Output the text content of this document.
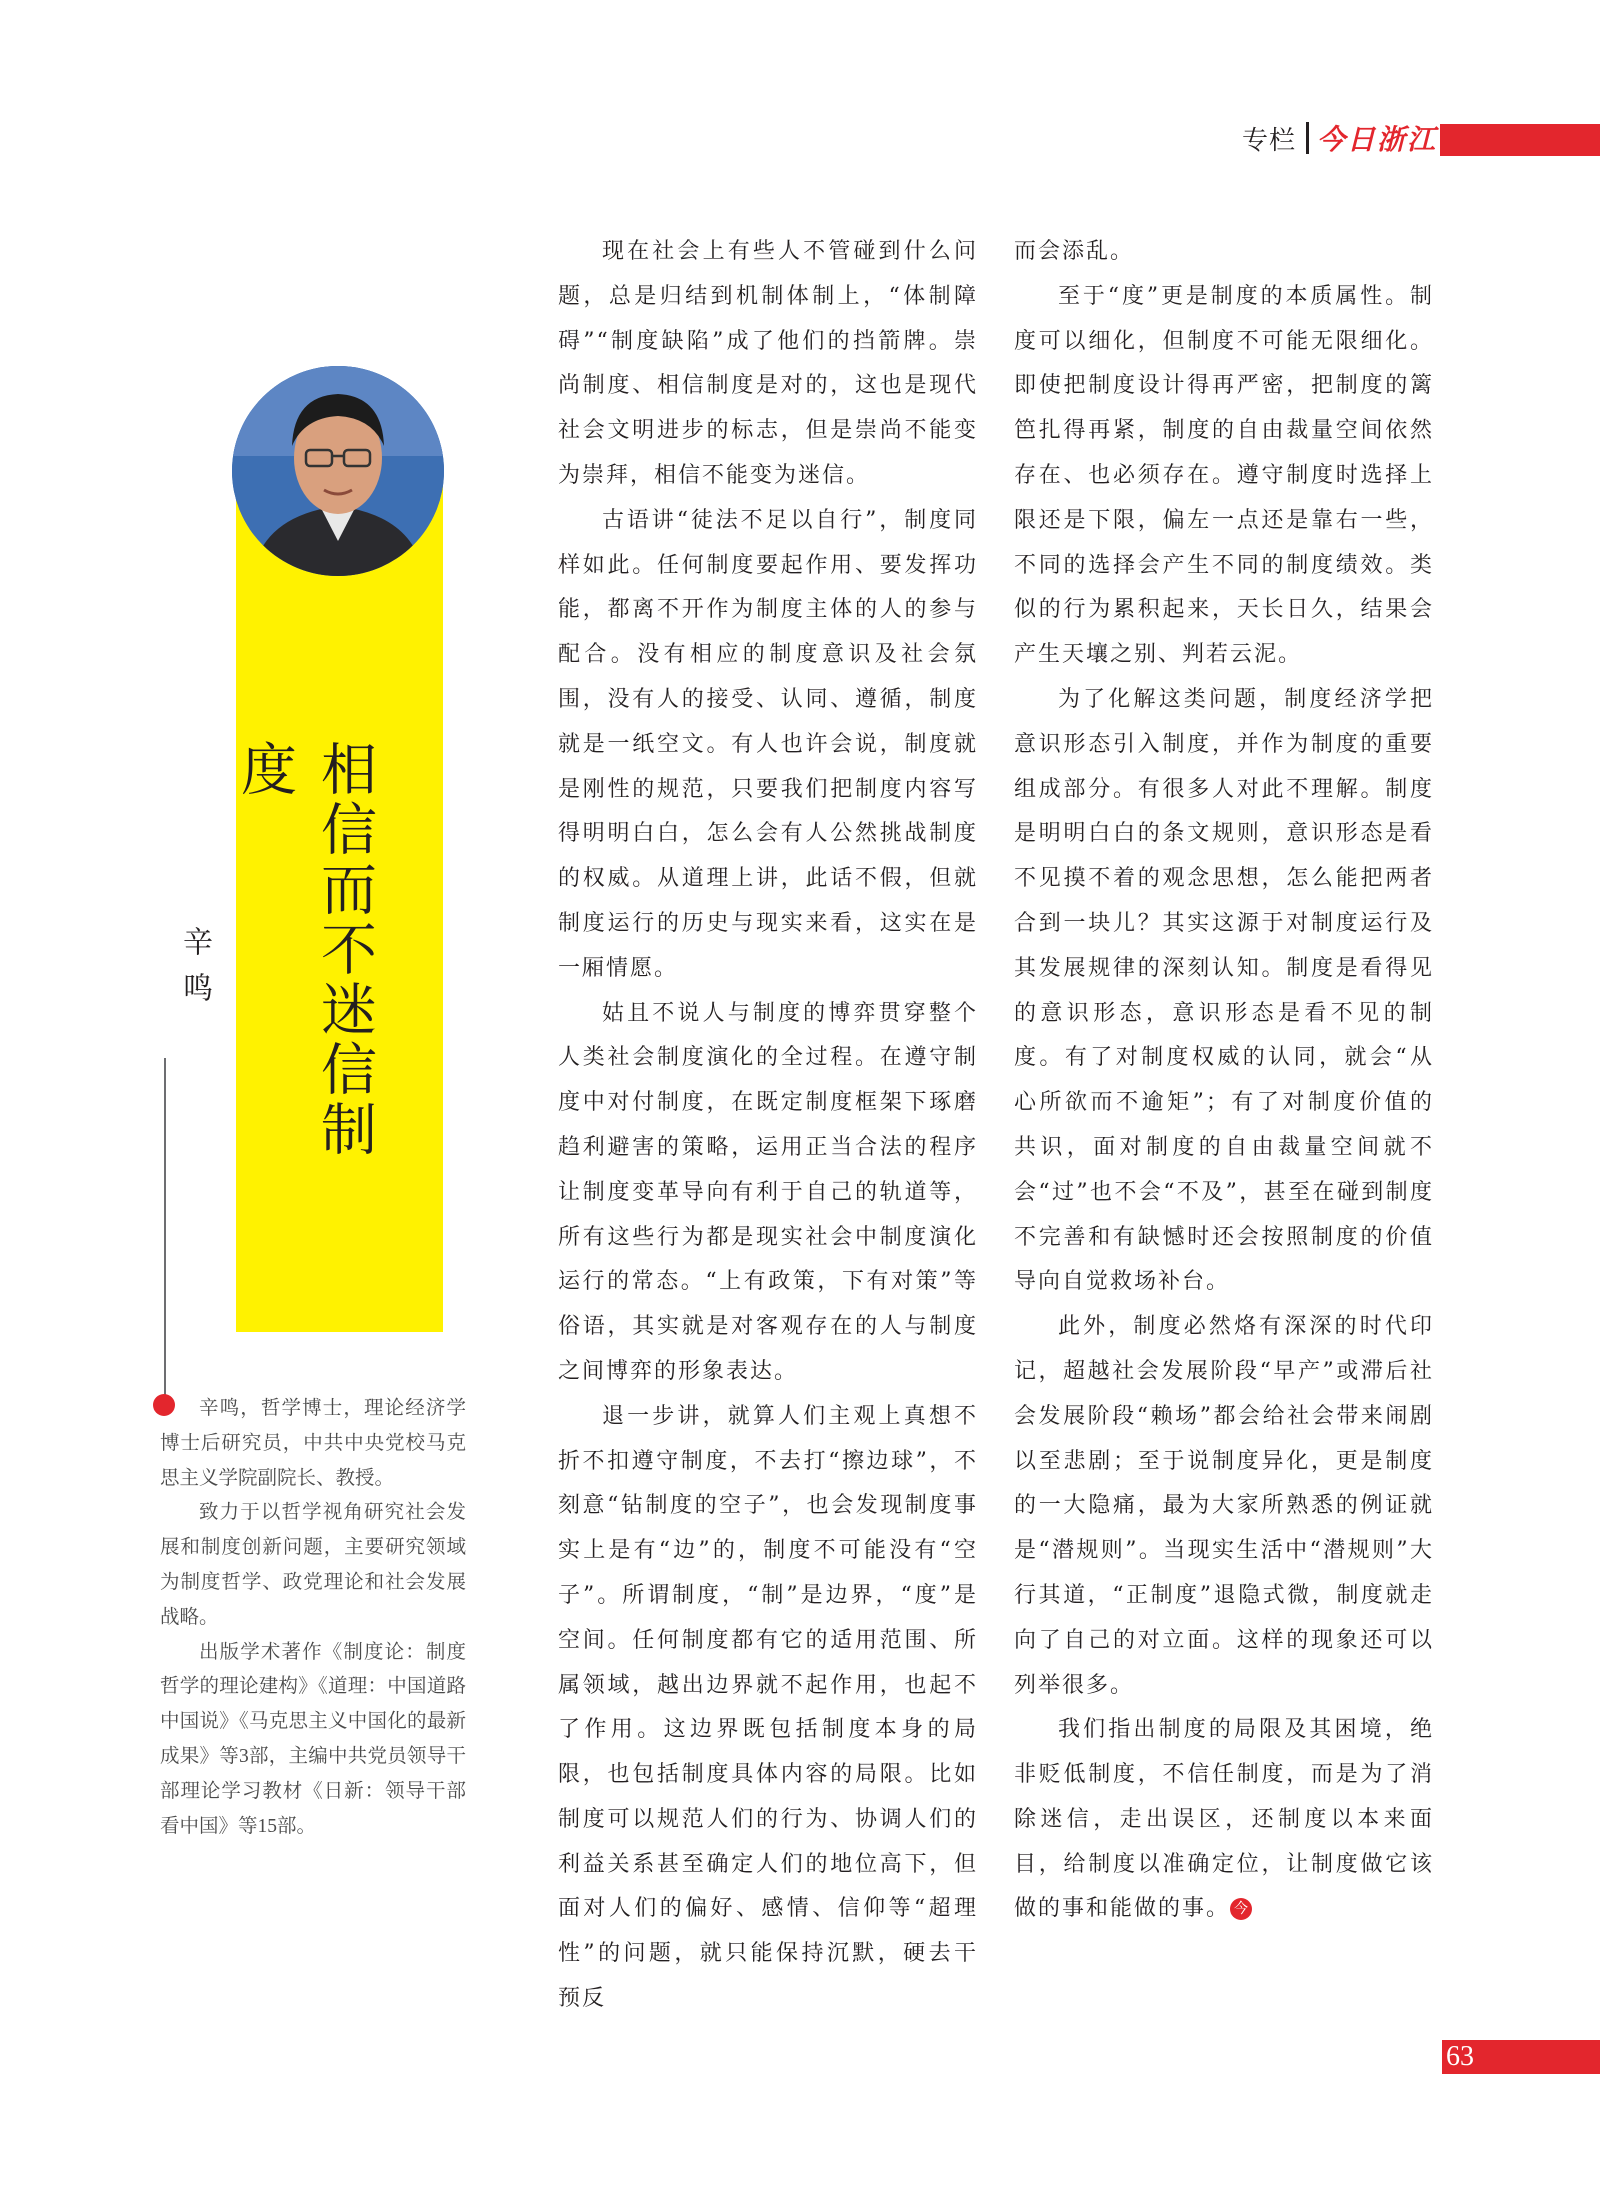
专栏 今日浙江
相信而不迷信制度
辛鸣

辛鸣，哲学博士，理论经济学博士后研究员，中共中央党校马克思主义学院副院长、教授。

致力于以哲学视角研究社会发展和制度创新问题，主要研究领域为制度哲学、政党理论和社会发展战略。

出版学术著作《制度论：制度哲学的理论建构》《道理：中国道路中国说》《马克思主义中国化的最新成果》等3部，主编中共党员领导干部理论学习教材《日新：领导干部看中国》等15部。

现在社会上有些人不管碰到什么问题，总是归结到机制体制上，“体制障碍”“制度缺陷”成了他们的挡箭牌。崇尚制度、相信制度是对的，这也是现代社会文明进步的标志，但是崇尚不能变为崇拜，相信不能变为迷信。

古语讲“徒法不足以自行”，制度同样如此。任何制度要起作用、要发挥功能，都离不开作为制度主体的人的参与配合。没有相应的制度意识及社会氛围，没有人的接受、认同、遵循，制度就是一纸空文。有人也许会说，制度就是刚性的规范，只要我们把制度内容写得明明白白，怎么会有人公然挑战制度的权威。从道理上讲，此话不假，但就制度运行的历史与现实来看，这实在是一厢情愿。

姑且不说人与制度的博弈贯穿整个人类社会制度演化的全过程。在遵守制度中对付制度，在既定制度框架下琢磨趋利避害的策略，运用正当合法的程序让制度变革导向有利于自己的轨道等，所有这些行为都是现实社会中制度演化运行的常态。“上有政策，下有对策”等俗语，其实就是对客观存在的人与制度之间博弈的形象表达。

退一步讲，就算人们主观上真想不折不扣遵守制度，不去打“擦边球”，不刻意“钻制度的空子”，也会发现制度事实上是有“边”的，制度不可能没有“空子”。所谓制度，“制”是边界，“度”是空间。任何制度都有它的适用范围、所属领域，越出边界就不起作用，也起不了作用。这边界既包括制度本身的局限，也包括制度具体内容的局限。比如制度可以规范人们的行为、协调人们的利益关系甚至确定人们的地位高下，但面对人们的偏好、感情、信仰等“超理性”的问题，就只能保持沉默，硬去干预反

而会添乱。

至于“度”更是制度的本质属性。制度可以细化，但制度不可能无限细化。即使把制度设计得再严密，把制度的篱笆扎得再紧，制度的自由裁量空间依然存在、也必须存在。遵守制度时选择上限还是下限，偏左一点还是靠右一些，不同的选择会产生不同的制度绩效。类似的行为累积起来，天长日久，结果会产生天壤之别、判若云泥。

为了化解这类问题，制度经济学把意识形态引入制度，并作为制度的重要组成部分。有很多人对此不理解。制度是明明白白的条文规则，意识形态是看不见摸不着的观念思想，怎么能把两者合到一块儿？其实这源于对制度运行及其发展规律的深刻认知。制度是看得见的意识形态，意识形态是看不见的制度。有了对制度权威的认同，就会“从心所欲而不逾矩”；有了对制度价值的共识，面对制度的自由裁量空间就不会“过”也不会“不及”，甚至在碰到制度不完善和有缺憾时还会按照制度的价值导向自觉救场补台。

此外，制度必然烙有深深的时代印记，超越社会发展阶段“早产”或滞后社会发展阶段“赖场”都会给社会带来闹剧以至悲剧；至于说制度异化，更是制度的一大隐痛，最为大家所熟悉的例证就是“潜规则”。当现实生活中“潜规则”大行其道，“正制度”退隐式微，制度就走向了自己的对立面。这样的现象还可以列举很多。

我们指出制度的局限及其困境，绝非贬低制度，不信任制度，而是为了消除迷信，走出误区，还制度以本来面目，给制度以准确定位，让制度做它该做的事和能做的事。 今

63
